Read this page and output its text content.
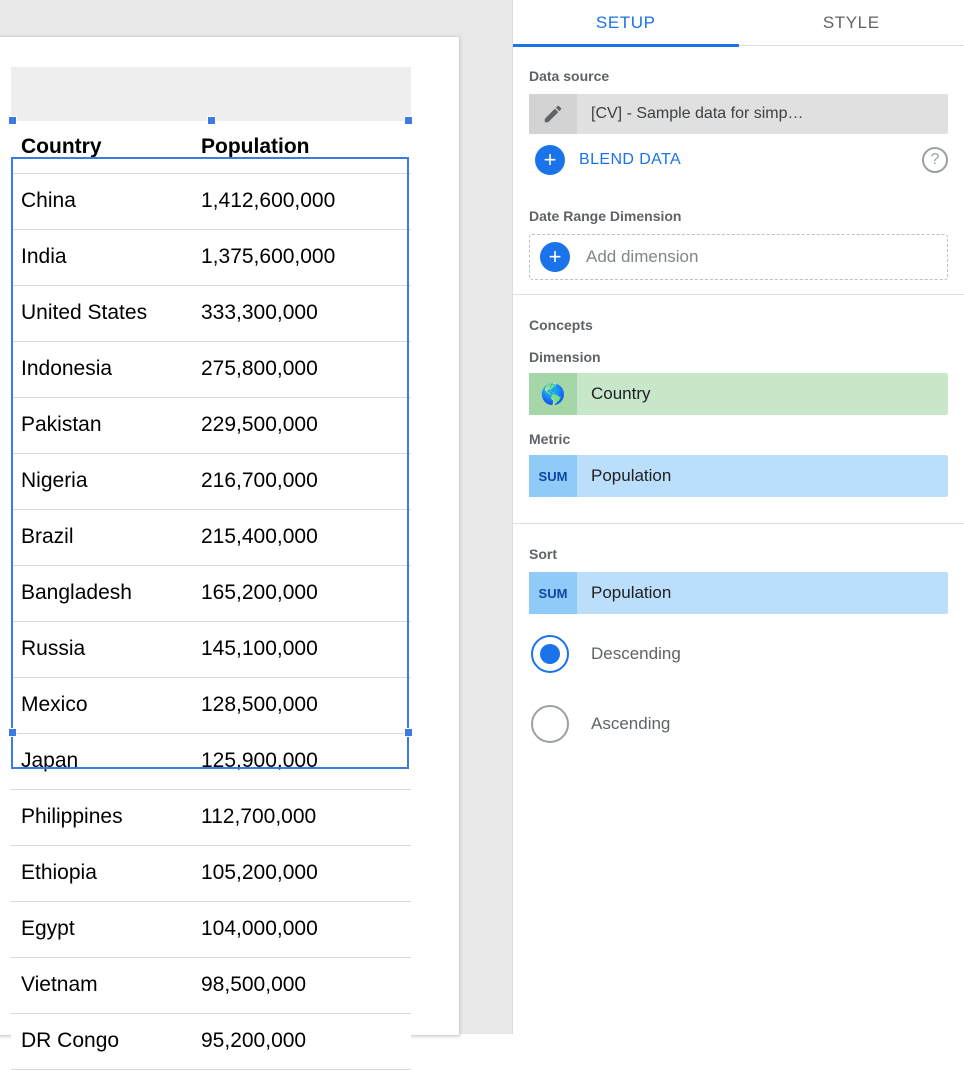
Country	Population
China	1,412,600,000
India	1,375,600,000
United States	333,300,000
Indonesia	275,800,000
Pakistan	229,500,000
Nigeria	216,700,000
Brazil	215,400,000
Bangladesh	165,200,000
Russia	145,100,000
Mexico	128,500,000
Japan	125,900,000
Philippines	112,700,000
Ethiopia	105,200,000
Egypt	104,000,000
Vietnam	98,500,000
DR Congo	95,200,000
SETUP	STYLE
Data source
[CV] - Sample data for simp…
+	BLEND DATA	?
Date Range Dimension
+	Add dimension
Concepts
Dimension
🌎	Country
Metric
SUM	Population
Sort
SUM	Population
Descending
Ascending
